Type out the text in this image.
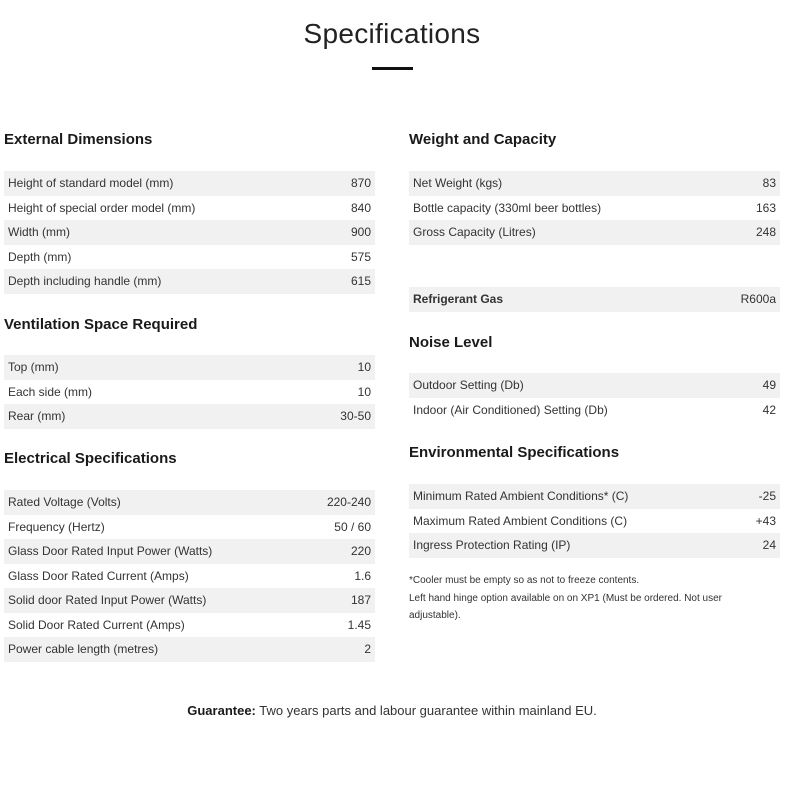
Specifications
External Dimensions
Height of standard model (mm)	870
Height of special order model (mm)	840
Width (mm)	900
Depth (mm)	575
Depth including handle (mm)	615
Ventilation Space Required
Top (mm)	10
Each side (mm)	10
Rear (mm)	30-50
Electrical Specifications
Rated Voltage (Volts)	220-240
Frequency (Hertz)	50 / 60
Glass Door Rated Input Power (Watts)	220
Glass Door Rated Current (Amps)	1.6
Solid door Rated Input Power (Watts)	187
Solid Door Rated Current (Amps)	1.45
Power cable length (metres)	2
Weight and Capacity
Net Weight (kgs)	83
Bottle capacity (330ml beer bottles)	163
Gross Capacity (Litres)	248
Refrigerant Gas	R600a
Noise Level
Outdoor Setting (Db)	49
Indoor (Air Conditioned) Setting (Db)	42
Environmental Specifications
Minimum Rated Ambient Conditions* (C)	-25
Maximum Rated Ambient Conditions (C)	+43
Ingress Protection Rating (IP)	24

*Cooler must be empty so as not to freeze contents.

Left hand hinge option available on on XP1 (Must be ordered. Not user adjustable).

Guarantee: Two years parts and labour guarantee within mainland EU.
